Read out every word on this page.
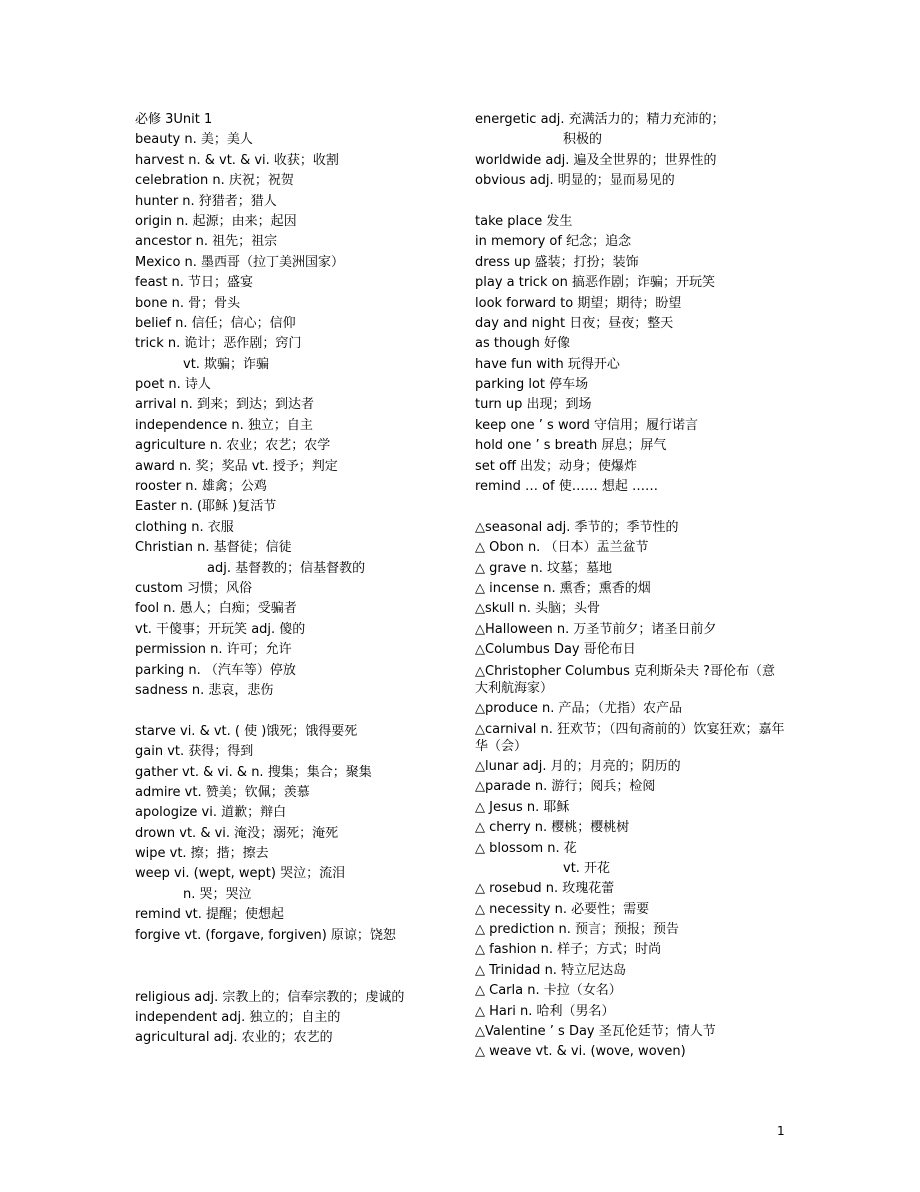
必修 3Unit 1
beauty n. 美；美人
harvest n. & vt. & vi. 收获；收割
celebration n. 庆祝；祝贺
hunter n. 狩猎者；猎人
origin n. 起源；由来；起因
ancestor n. 祖先；祖宗
Mexico n. 墨西哥（拉丁美洲国家）
feast n. 节日；盛宴
bone n. 骨；骨头
belief n. 信任；信心；信仰
trick n. 诡计；恶作剧；窍门
vt. 欺骗；诈骗
poet n. 诗人
arrival n. 到来；到达；到达者
independence n. 独立；自主
agriculture n. 农业；农艺；农学
award n. 奖；奖品 vt. 授予；判定
rooster n. 雄禽；公鸡
Easter n. (耶稣 )复活节
clothing n. 衣服
Christian n. 基督徒；信徒
adj. 基督教的；信基督教的
custom 习惯；风俗
fool n. 愚人；白痴；受骗者
vt. 干傻事；开玩笑 adj. 傻的
permission n. 许可；允许
parking n. （汽车等）停放
sadness n. 悲哀，悲伤
starve vi. & vt. ( 使 )饿死；饿得要死
gain vt. 获得；得到
gather vt. & vi. & n. 搜集；集合；聚集
admire vt. 赞美；钦佩；羡慕
apologize vi. 道歉；辩白
drown vt. & vi. 淹没；溺死；淹死
wipe vt. 擦；揩；擦去
weep vi. (wept, wept) 哭泣；流泪
n. 哭；哭泣
remind vt. 提醒；使想起
forgive vt. (forgave, forgiven) 原谅；饶恕
religious adj. 宗教上的；信奉宗教的；虔诚的
independent adj. 独立的；自主的
agricultural adj. 农业的；农艺的
energetic adj. 充满活力的；精力充沛的；
积极的
worldwide adj. 遍及全世界的；世界性的
obvious adj. 明显的；显而易见的
take place 发生
in memory of 纪念；追念
dress up 盛装；打扮；装饰
play a trick on 搞恶作剧；诈骗；开玩笑
look forward to 期望；期待；盼望
day and night 日夜；昼夜；整天
as though 好像
have fun with 玩得开心
parking lot 停车场
turn up 出现；到场
keep one ’ s word 守信用；履行诺言
hold one ’ s breath 屏息；屏气
set off 出发；动身；使爆炸
remind … of 使…… 想起 ……
△seasonal adj. 季节的；季节性的
△ Obon n. （日本）盂兰盆节
△ grave n. 坟墓；墓地
△ incense n. 熏香；熏香的烟
△skull n. 头脑；头骨
△Halloween n. 万圣节前夕；诸圣日前夕
△Columbus Day 哥伦布日
△Christopher Columbus 克利斯朵夫 ?哥伦布（意大利航海家）
△produce n. 产品；（尤指）农产品
△carnival n. 狂欢节；（四旬斋前的）饮宴狂欢；嘉年华（会）
△lunar adj. 月的；月亮的；阴历的
△parade n. 游行；阅兵；检阅
△ Jesus n. 耶稣
△ cherry n. 樱桃；樱桃树
△ blossom n. 花
vt. 开花
△ rosebud n. 玫瑰花蕾
△ necessity n. 必要性；需要
△ prediction n. 预言；预报；预告
△ fashion n. 样子；方式；时尚
△ Trinidad n. 特立尼达岛
△ Carla n. 卡拉（女名）
△ Hari n. 哈利（男名）
△Valentine ’ s Day 圣瓦伦廷节；情人节
△ weave vt. & vi. (wove, woven)
1
